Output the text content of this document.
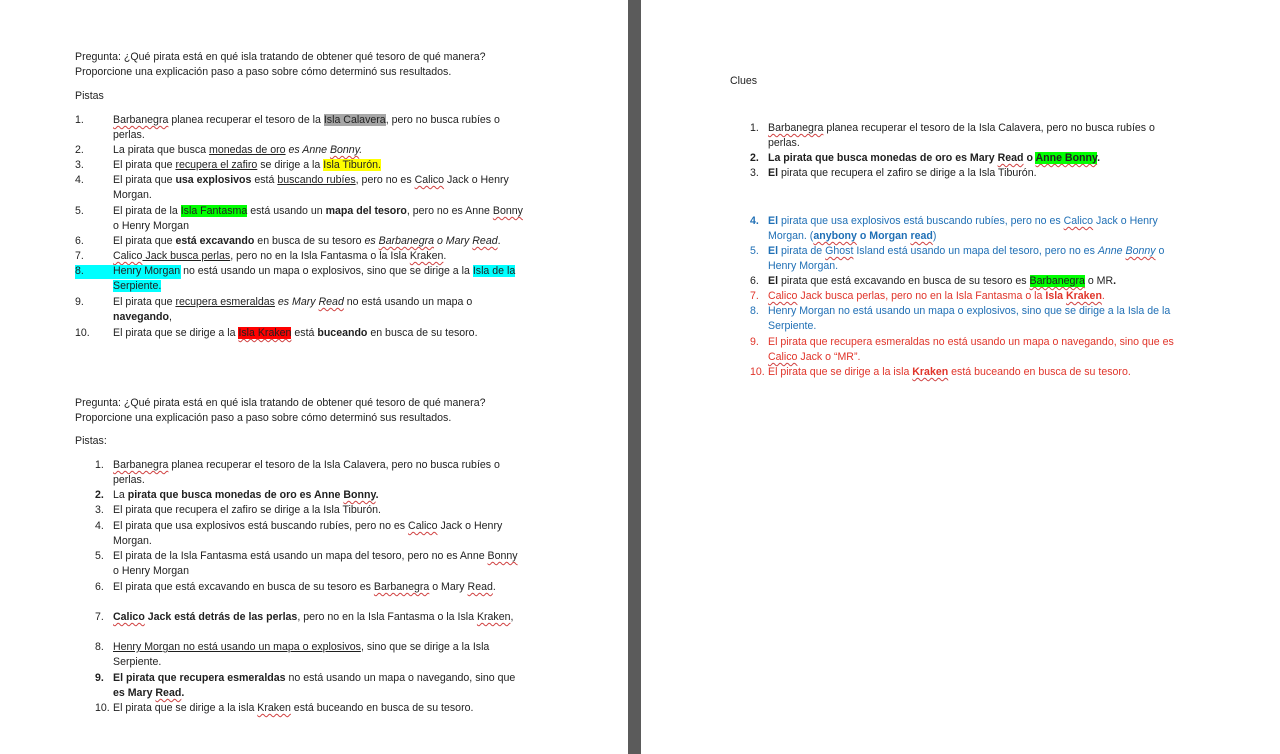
Pregunta: ¿Qué pirata está en qué isla tratando de obtener qué tesoro de qué manera?
Proporcione una explicación paso a paso sobre cómo determinó sus resultados.
Pistas
1.	Barbanegra planea recuperar el tesoro de la Isla Calavera, pero no busca rubíes o
perlas.
2.	La pirata que busca monedas de oro es Anne Bonny.
3.	El pirata que recupera el zafiro se dirige a la Isla Tiburón.
4.	El pirata que usa explosivos está buscando rubíes, pero no es Calico Jack o Henry
Morgan.
5.	El pirata de la Isla Fantasma está usando un mapa del tesoro, pero no es Anne Bonny
o Henry Morgan
6.	El pirata que está excavando en busca de su tesoro es Barbanegra o Mary Read.
7.	Calico Jack busca perlas, pero no en la Isla Fantasma o la Isla Kraken.
8.	Henry Morgan no está usando un mapa o explosivos, sino que se dirige a la Isla de la
Serpiente.
9.	El pirata que recupera esmeraldas es Mary Read no está usando un mapa o
navegando,
10. El pirata que se dirige a la Isla Kraken está buceando en busca de su tesoro.
Pregunta: ¿Qué pirata está en qué isla tratando de obtener qué tesoro de qué manera?
Proporcione una explicación paso a paso sobre cómo determinó sus resultados.
Pistas:
1. Barbanegra planea recuperar el tesoro de la Isla Calavera, pero no busca rubíes o
perlas.
2. La pirata que busca monedas de oro es Anne Bonny.
3. El pirata que recupera el zafiro se dirige a la Isla Tiburón.
4. El pirata que usa explosivos está buscando rubíes, pero no es Calico Jack o Henry
Morgan.
5. El pirata de la Isla Fantasma está usando un mapa del tesoro, pero no es Anne Bonny
o Henry Morgan
6. El pirata que está excavando en busca de su tesoro es Barbanegra o Mary Read.
7. Calico Jack está detrás de las perlas, pero no en la Isla Fantasma o la Isla Kraken,
8. Henry Morgan no está usando un mapa o explosivos, sino que se dirige a la Isla
Serpiente.
9. El pirata que recupera esmeraldas no está usando un mapa o navegando, sino que
es Mary Read.
10. El pirata que se dirige a la isla Kraken está buceando en busca de su tesoro.
Clues
1. Barbanegra planea recuperar el tesoro de la Isla Calavera, pero no busca rubíes o
perlas.
2. La pirata que busca monedas de oro es Mary Read o Anne Bonny.
3. El pirata que recupera el zafiro se dirige a la Isla Tiburón.
4. El pirata que usa explosivos está buscando rubíes, pero no es Calico Jack o Henry
Morgan. (anybony o Morgan read)
5. El pirata de Ghost Island está usando un mapa del tesoro, pero no es Anne Bonny o
Henry Morgan.
6. El pirata que está excavando en busca de su tesoro es Barbanegra o MR.
7. Calico Jack busca perlas, pero no en la Isla Fantasma o la Isla Kraken.
8. Henry Morgan no está usando un mapa o explosivos, sino que se dirige a la Isla de la
Serpiente.
9. El pirata que recupera esmeraldas no está usando un mapa o navegando, sino que es
Calico Jack o “MR”.
10. El pirata que se dirige a la isla Kraken está buceando en busca de su tesoro.
